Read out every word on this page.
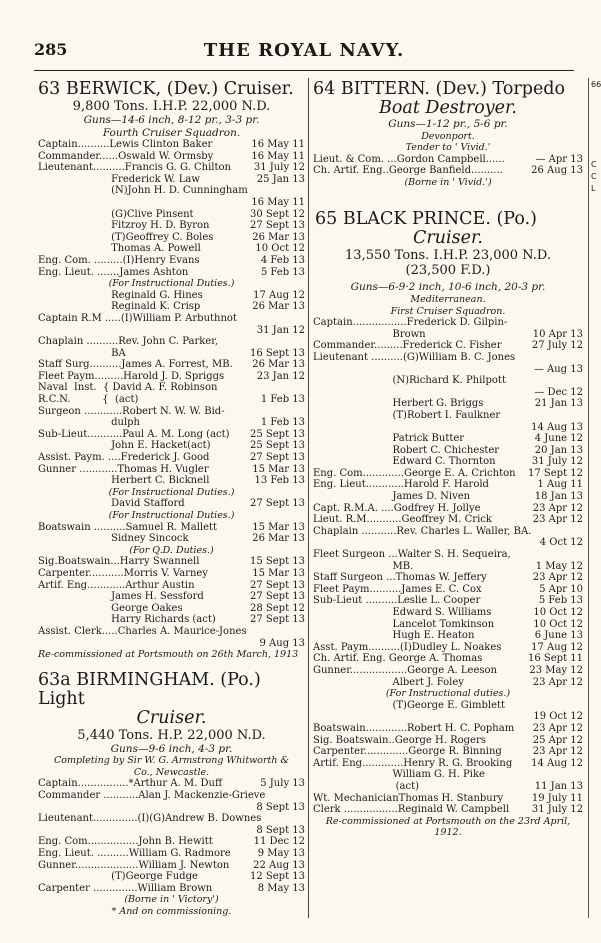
285	THE ROYAL NAVY.
66
C
C
L
63 BERWICK, (Dev.) Cruiser.
9,800 Tons. I.H.P. 22,000 N.D.
Guns—14-6 inch, 8-12 pr., 3-3 pr.
Fourth Cruiser Squadron.
Captain..........Lewis Clinton Baker	16 May 11
Commander......Oswald W. Ormsby	16 May 11
Lieutenant..........Francis G. G. Chilton 31 July 12
Frederick W. Law	25 Jan 13
(N)John H. D. Cunningham
16 May 11
(G)Clive Pinsent	30 Sept 12
Fitzroy H. D. Byron	27 Sept 13
(T)Geoffrey C. Boles	26 Mar 13
Thomas A. Powell	10 Oct 12
Eng. Com. .........(I)Henry Evans	4 Feb 13
Eng. Lieut. .......James Ashton	5 Feb 13
(For Instructional Duties.)
Reginald G. Hines	17 Aug 12
Reginald K. Crisp	26 Mar 13
Captain R.M .....(I)William P. Arbuthnot
31 Jan 12
Chaplain ..........Rev. John C. Parker,
BA	16 Sept 13
Staff Surg..........James A. Forrest, MB. 26 Mar 13
Fleet Paym.........Harold J. D. Spriggs	23 Jan 12
Naval  Inst.  { David A. F. Robinson
R.C.N.          {  (act)	1 Feb 13
Surgeon ............Robert N. W. W. Bid-
dulph	1 Feb 13
Sub-Lieut...........Paul A. M. Long (act) 25 Sept 13
John E. Hacket(act)	25 Sept 13
Assist. Paym. ....Frederick J. Good	27 Sept 13
Gunner ............Thomas H. Vugler	15 Mar 13
Herbert C. Bicknell	13 Feb 13
(For Instructional Duties.)
David Stafford	27 Sept 13
(For Instructional Duties.)
Boatswain ..........Samuel R. Mallett	15 Mar 13
Sidney Sincock	26 Mar 13
(For Q.D. Duties.)
Sig.Boatswain...Harry Swannell	15 Sept 13
Carpenter...........Morris V. Varney	15 Mar 13
Artif. Eng............Arthur Austin	27 Sept 13
James H. Sessford	27 Sept 13
George Oakes	28 Sept 12
Harry Richards (act)	27 Sept 13
Assist. Clerk.....Charles A. Maurice-Jones
9 Aug 13
Re-commissioned at Portsmouth on 26th March, 1913
63a BIRMINGHAM. (Po.) Light
Cruiser.
5,440 Tons. H.P. 22,000 N.D.
Guns—9-6 inch, 4-3 pr.
Completing by Sir W. G. Armstrong Whitworth & Co., Newcastle.
Captain................*Arthur A. M. Duff	5 July 13
Commander ...........Alan J. Mackenzie-Grieve
8 Sept 13
Lieutenant..............(I)(G)Andrew B. Downes
8 Sept 13
Eng. Com................John B. Hewitt	11 Dec 12
Eng. Lieut. ..........William G. Radmore	9 May 13
Gunner....................William J. Newton 22 Aug 13
(T)George Fudge	12 Sept 13
Carpenter ..............William Brown	8 May 13
(Borne in ' Victory')
* And on commissioning.
64 BITTERN. (Dev.) Torpedo
Boat Destroyer.
Guns—1-12 pr., 5-6 pr.
Devonport.
Tender to ' Vivid.'
Lieut. & Com. ...Gordon Campbell......	— Apr 13
Ch. Artif. Eng..George Banfield..........	26 Aug 13
(Borne in ' Vivid.')
65 BLACK PRINCE. (Po.)
Cruiser.
13,550 Tons. I.H.P. 23,000 N.D.
(23,500 F.D.)
Guns—6-9·2 inch, 10-6 inch, 20-3 pr.
Mediterranean.
First Cruiser Squadron.
Captain.................Frederick D. Gilpin-
Brown	10 Apr 13
Commander.........Frederick C. Fisher	27 July 12
Lieutenant ..........(G)William B. C. Jones
— Aug 13
(N)Richard K. Philpott
— Dec 12
Herbert G. Briggs	21 Jan 13
(T)Robert I. Faulkner
14 Aug 13
Patrick Butter	4 June 12
Robert C. Chichester	20 Jan 13
Edward C. Thornton	31 July 12
Eng. Com.............George E. A. Crichton 17 Sept 12
Eng. Lieut............Harold F. Harold	1 Aug 11
James D. Niven	18 Jan 13
Capt. R.M.A. ....Godfrey H. Jollye	23 Apr 12
Lieut. R.M...........Geoffrey M. Crick	23 Apr 12
Chaplain ...........Rev. Charles L. Waller, BA.
4 Oct 12
Fleet Surgeon ...Walter S. H. Sequeira,
MB.	1 May 12
Staff Surgeon ...Thomas W. Jeffery	23 Apr 12
Fleet Paym..........James E. C. Cox	5 Apr 10
Sub-Lieut ..........Leslie L. Cooper	5 Feb 13
Edward S. Williams	10 Oct 12
Lancelot Tomkinson	10 Oct 12
Hugh E. Heaton	6 June 13
Asst. Paym..........(I)Dudley L. Noakes	17 Aug 12
Ch. Artif. Eng. George A. Thomas	16 Sept 11
Gunner..................George A. Leeson	23 May 12
Albert J. Foley	23 Apr 12
(For Instructional duties.)
(T)George E. Gimblett
19 Oct 12
Boatswain.............Robert H. C. Popham 23 Apr 12
Sig. Boatswain..George H. Rogers	25 Apr 12
Carpenter..............George R. Binning	23 Apr 12
Artif. Eng.............Henry R. G. Brooking 14 Aug 12
William G. H. Pike
(act)	11 Jan 13
Wt. MechanicianThomas H. Stanbury	19 July 11
Clerk .................Reginald W. Campbell 31 July 12
Re-commissioned at Portsmouth on the 23rd April, 1912.
